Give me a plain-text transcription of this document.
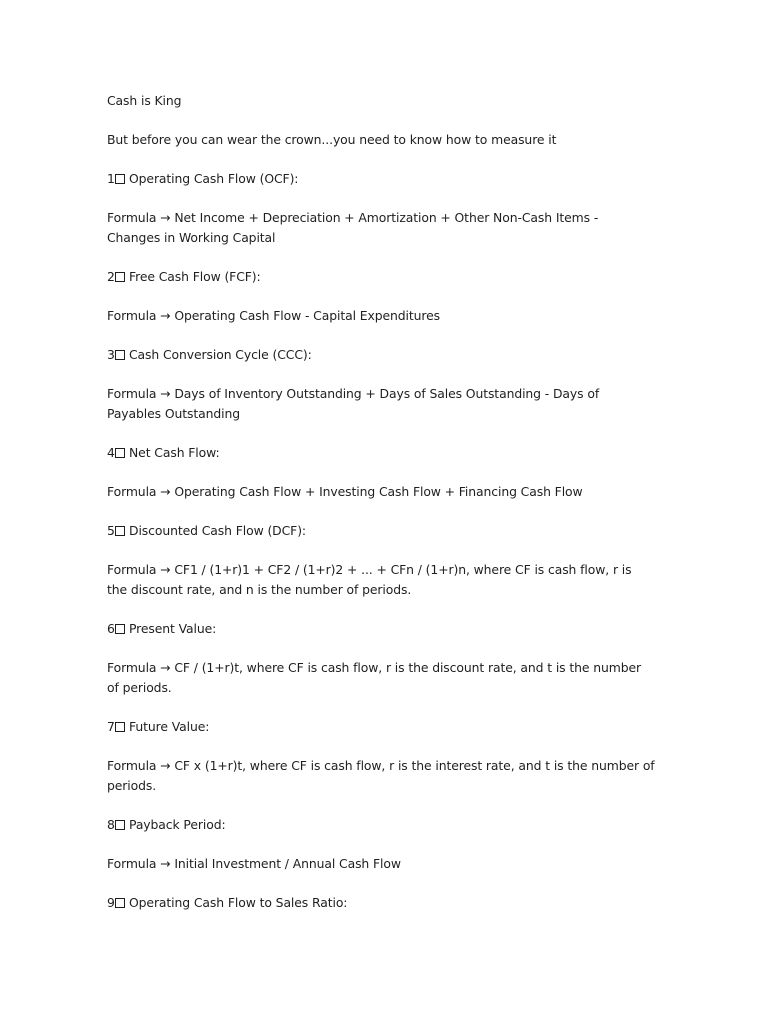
Cash is King

But before you can wear the crown...you need to know how to measure it

1 Operating Cash Flow (OCF):

Formula → Net Income + Depreciation + Amortization + Other Non-Cash Items - Changes in Working Capital

2 Free Cash Flow (FCF):

Formula → Operating Cash Flow - Capital Expenditures

3 Cash Conversion Cycle (CCC):

Formula → Days of Inventory Outstanding + Days of Sales Outstanding - Days of Payables Outstanding

4 Net Cash Flow:

Formula → Operating Cash Flow + Investing Cash Flow + Financing Cash Flow

5 Discounted Cash Flow (DCF):

Formula → CF1 / (1+r)1 + CF2 / (1+r)2 + ... + CFn / (1+r)n, where CF is cash flow, r is the discount rate, and n is the number of periods.

6 Present Value:

Formula → CF / (1+r)t, where CF is cash flow, r is the discount rate, and t is the number of periods.

7 Future Value:

Formula → CF x (1+r)t, where CF is cash flow, r is the interest rate, and t is the number of periods.

8 Payback Period:

Formula → Initial Investment / Annual Cash Flow

9 Operating Cash Flow to Sales Ratio:
